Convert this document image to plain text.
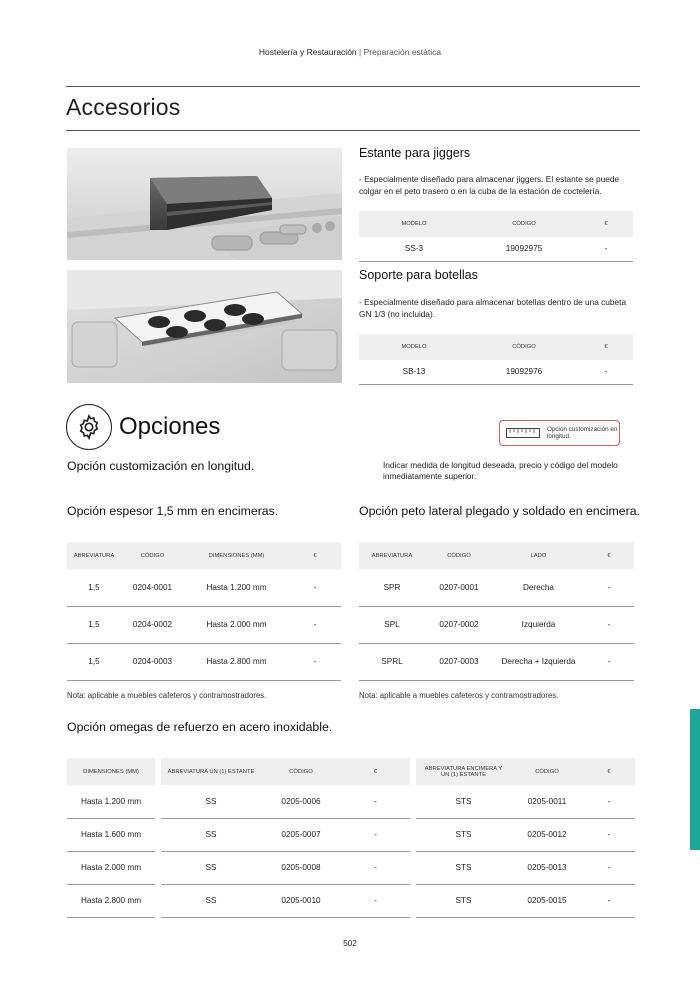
Hostelería y Restauración | Preparación estática
Accesorios
Estante para jiggers
- Especialmente diseñado para almacenar jiggers. El estante se puede colgar en el peto trasero o en la cuba de la estación de coctelería.
MODELO	CÓDIGO	€
SS-3	19092975	-
Soporte para botellas
- Especialmente diseñado para almacenar botellas dentro de una cubeta GN 1/3 (no incluida).
MODELO	CÓDIGO	€
SB-13	19092976	-
Opciones	Opción customización en longitud.
Opción customización en longitud.	Indicar medida de longitud deseada, precio y código del modelo inmediatamente superior.
Opción espesor 1,5 mm en encimeras.
ABREVIATURA	CÓDIGO	DIMENSIONES (MM)	€
1,5	0204-0001	Hasta 1.200 mm	-
1,5	0204-0002	Hasta 2.000 mm	-
1,5	0204-0003	Hasta 2.800 mm	-
Nota: aplicable a muebles cafeteros y contramostradores.
Opción peto lateral plegado y soldado en encimera.
ABREVIATURA	CÓDIGO	LADO	€
SPR	0207-0001	Derecha	-
SPL	0207-0002	Izquierda	-
SPRL	0207-0003	Derecha + Izquierda	-
Nota: aplicable a muebles cafeteros y contramostradores.
Opción omegas de refuerzo en acero inoxidable.
DIMENSIONES (MM)	ABREVIATURA UN (1) ESTANTE	CÓDIGO	€	ABREVIATURA ENCIMERA Y UN (1) ESTANTE	CÓDIGO	€
Hasta 1.200 mm	SS	0205-0006	-	STS	0205-0011	-
Hasta 1.600 mm	SS	0205-0007	-	STS	0205-0012	-
Hasta 2.000 mm	SS	0205-0008	-	STS	0205-0013	-
Hasta 2.800 mm	SS	0205-0010	-	STS	0205-0015	-
502
